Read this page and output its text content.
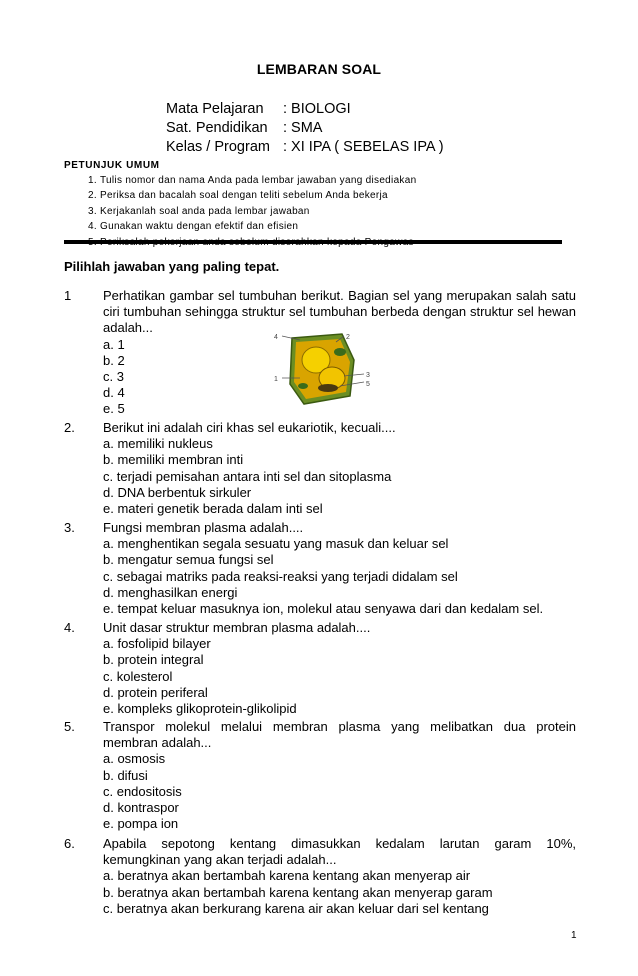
LEMBARAN SOAL
Mata Pelajaran	: BIOLOGI
Sat. Pendidikan	: SMA
Kelas / Program : XI IPA ( SEBELAS IPA )
PETUNJUK UMUM
1. Tulis nomor dan nama Anda pada lembar jawaban yang disediakan
2. Periksa dan bacalah soal dengan teliti sebelum Anda bekerja
3. Kerjakanlah soal anda pada lembar jawaban
4. Gunakan waktu dengan efektif dan efisien
5.
Pilihlah jawaban yang paling tepat.
1 Perhatikan gambar sel tumbuhan berikut. Bagian sel yang merupakan salah satu ciri tumbuhan sehingga struktur sel tumbuhan berbeda dengan struktur sel hewan adalah...
a. 1
b. 2
c. 3
d. 4
e. 5
4	2
1
3
5
2. Berikut ini adalah ciri khas sel eukariotik, kecuali....
a. memiliki nukleus
b. memiliki membran inti
c. terjadi pemisahan antara inti sel dan sitoplasma
d. DNA berbentuk sirkuler
e. materi genetik berada dalam inti sel
3. Fungsi membran plasma adalah....
a. menghentikan segala sesuatu yang masuk dan keluar sel
b. mengatur semua fungsi sel
c. sebagai matriks pada reaksi-reaksi yang terjadi didalam sel
d. menghasilkan energi
e. tempat keluar masuknya ion, molekul atau senyawa dari dan kedalam sel.
4. Unit dasar struktur membran plasma adalah....
a. fosfolipid bilayer
b. protein integral
c. kolesterol
d. protein periferal
e. kompleks glikoprotein-glikolipid
5. Transpor molekul melalui membran plasma yang melibatkan dua protein membran adalah...
a. osmosis
b. difusi
c. endositosis
d. kontraspor
e. pompa ion
6. Apabila sepotong kentang dimasukkan kedalam larutan garam 10%, kemungkinan yang akan terjadi adalah...
a. beratnya akan bertambah karena kentang akan menyerap air
b. beratnya akan bertambah karena kentang akan menyerap garam
c. beratnya akan berkurang karena air akan keluar dari sel kentang
1
